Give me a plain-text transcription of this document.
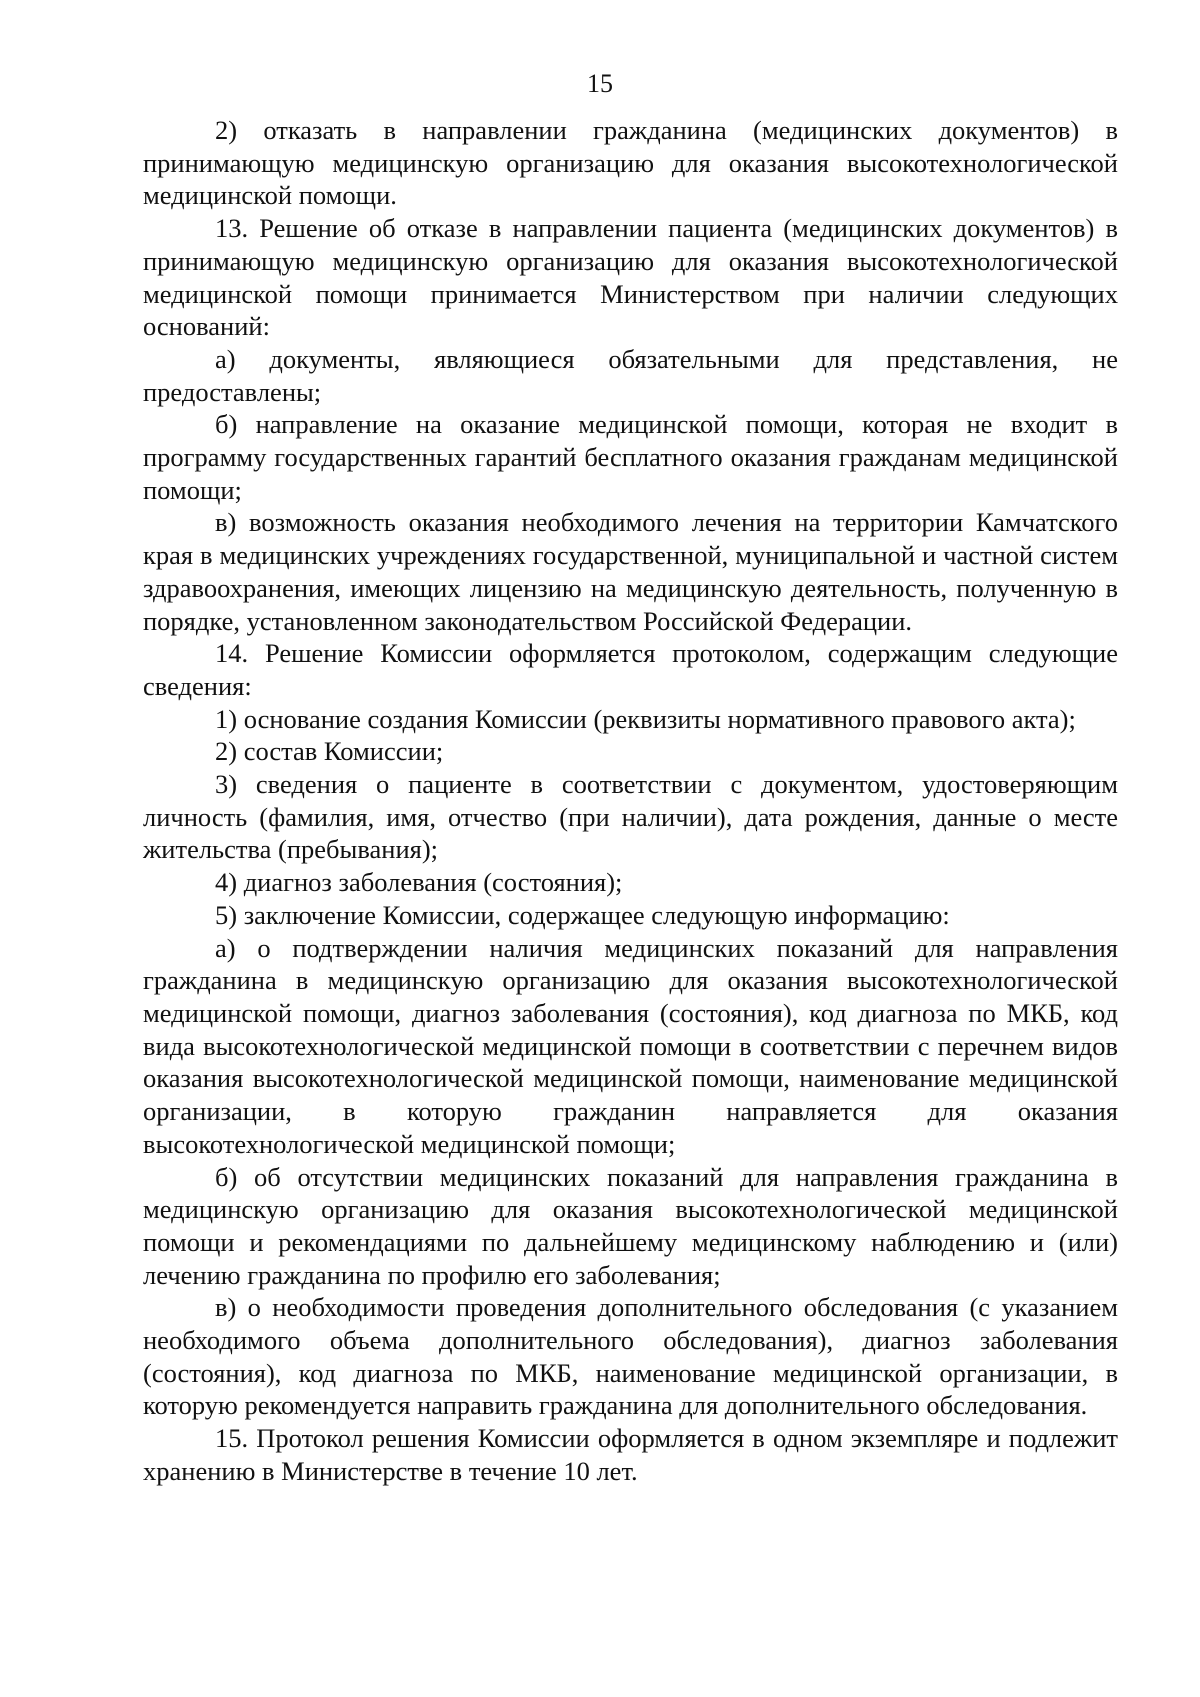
15

2) отказать в направлении гражданина (медицинских документов) в принимающую медицинскую организацию для оказания высокотехнологической медицинской помощи.

13. Решение об отказе в направлении пациента (медицинских документов) в принимающую медицинскую организацию для оказания высокотехнологической медицинской помощи принимается Министерством при наличии следующих оснований:

а) документы, являющиеся обязательными для представления, не предоставлены;

б) направление на оказание медицинской помощи, которая не входит в программу государственных гарантий бесплатного оказания гражданам медицинской помощи;

в) возможность оказания необходимого лечения на территории Камчатского края в медицинских учреждениях государственной, муниципальной и частной систем здравоохранения, имеющих лицензию на медицинскую деятельность, полученную в порядке, установленном законодательством Российской Федерации.

14. Решение Комиссии оформляется протоколом, содержащим следующие сведения:

1) основание создания Комиссии (реквизиты нормативного правового акта);

2) состав Комиссии;

3) сведения о пациенте в соответствии с документом, удостоверяющим личность (фамилия, имя, отчество (при наличии), дата рождения, данные о месте жительства (пребывания);

4) диагноз заболевания (состояния);

5) заключение Комиссии, содержащее следующую информацию:

а) о подтверждении наличия медицинских показаний для направления гражданина в медицинскую организацию для оказания высокотехнологической медицинской помощи, диагноз заболевания (состояния), код диагноза по МКБ, код вида высокотехнологической медицинской помощи в соответствии с перечнем видов оказания высокотехнологической медицинской помощи, наименование медицинской организации, в которую гражданин направляется для оказания высокотехнологической медицинской помощи;

б) об отсутствии медицинских показаний для направления гражданина в медицинскую организацию для оказания высокотехнологической медицинской помощи и рекомендациями по дальнейшему медицинскому наблюдению и (или) лечению гражданина по профилю его заболевания;

в) о необходимости проведения дополнительного обследования (с указанием необходимого объема дополнительного обследования), диагноз заболевания (состояния), код диагноза по МКБ, наименование медицинской организации, в которую рекомендуется направить гражданина для дополнительного обследования.

15. Протокол решения Комиссии оформляется в одном экземпляре и подлежит хранению в Министерстве в течение 10 лет.
